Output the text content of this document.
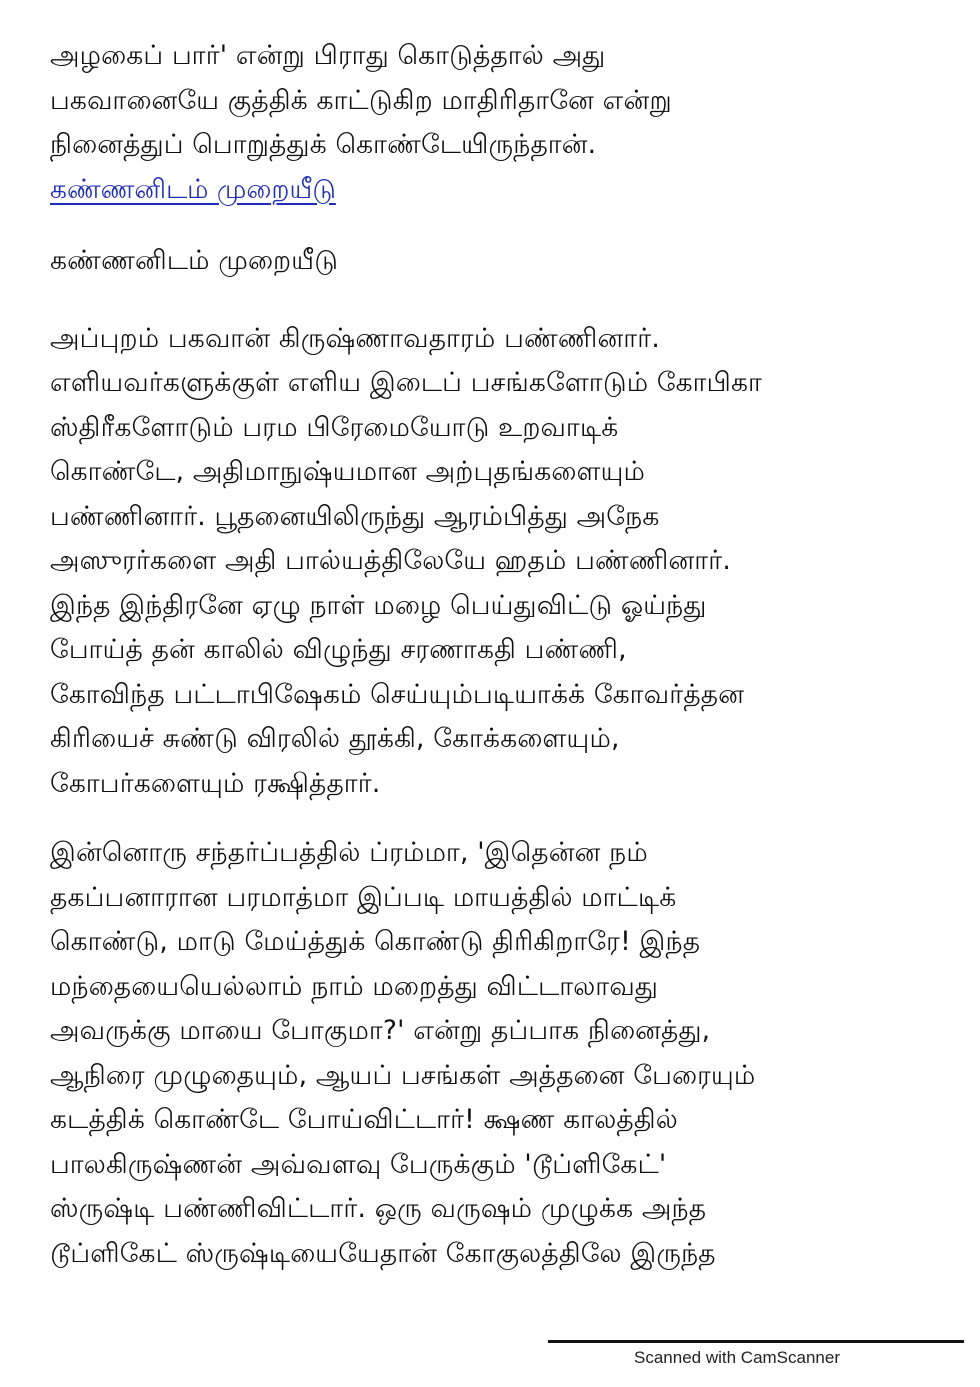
அழகைப் பார்' என்று பிராது கொடுத்தால் அது
பகவானையே குத்திக் காட்டுகிற மாதிரிதானே என்று
நினைத்துப் பொறுத்துக் கொண்டேயிருந்தான்.
கண்ணனிடம் முறையீடு
கண்ணனிடம் முறையீடு
அப்புறம் பகவான் கிருஷ்ணாவதாரம் பண்ணினார்.
எளியவர்களுக்குள் எளிய இடைப் பசங்களோடும் கோபிகா
ஸ்திரீகளோடும் பரம பிரேமையோடு உறவாடிக்
கொண்டே, அதிமாநுஷ்யமான அற்புதங்களையும்
பண்ணினார். பூதனையிலிருந்து ஆரம்பித்து அநேக
அஸுரர்களை அதி பால்யத்திலேயே ஹதம் பண்ணினார்.
இந்த இந்திரனே ஏழு நாள் மழை பெய்துவிட்டு ஓய்ந்து
போய்த் தன் காலில் விழுந்து சரணாகதி பண்ணி,
கோவிந்த பட்டாபிஷேகம் செய்யும்படியாக்க் கோவர்த்தன
கிரியைச் சுண்டு விரலில் தூக்கி, கோக்களையும்,
கோபர்களையும் ரக்ஷித்தார்.
இன்னொரு சந்தர்ப்பத்தில் ப்ரம்மா, 'இதென்ன நம்
தகப்பனாரான பரமாத்மா இப்படி மாயத்தில் மாட்டிக்
கொண்டு, மாடு மேய்த்துக் கொண்டு திரிகிறாரே! இந்த
மந்தையையெல்லாம் நாம் மறைத்து விட்டாலாவது
அவருக்கு மாயை போகுமா?' என்று தப்பாக நினைத்து,
ஆநிரை முழுதையும், ஆயப் பசங்கள் அத்தனை பேரையும்
கடத்திக் கொண்டே போய்விட்டார்! க்ஷண காலத்தில்
பாலகிருஷ்ணன் அவ்வளவு பேருக்கும் 'டூப்ளிகேட்'
ஸ்ருஷ்டி பண்ணிவிட்டார். ஒரு வருஷம் முழுக்க அந்த
டூப்ளிகேட் ஸ்ருஷ்டியையேதான் கோகுலத்திலே இருந்த
Scanned with CamScanner
